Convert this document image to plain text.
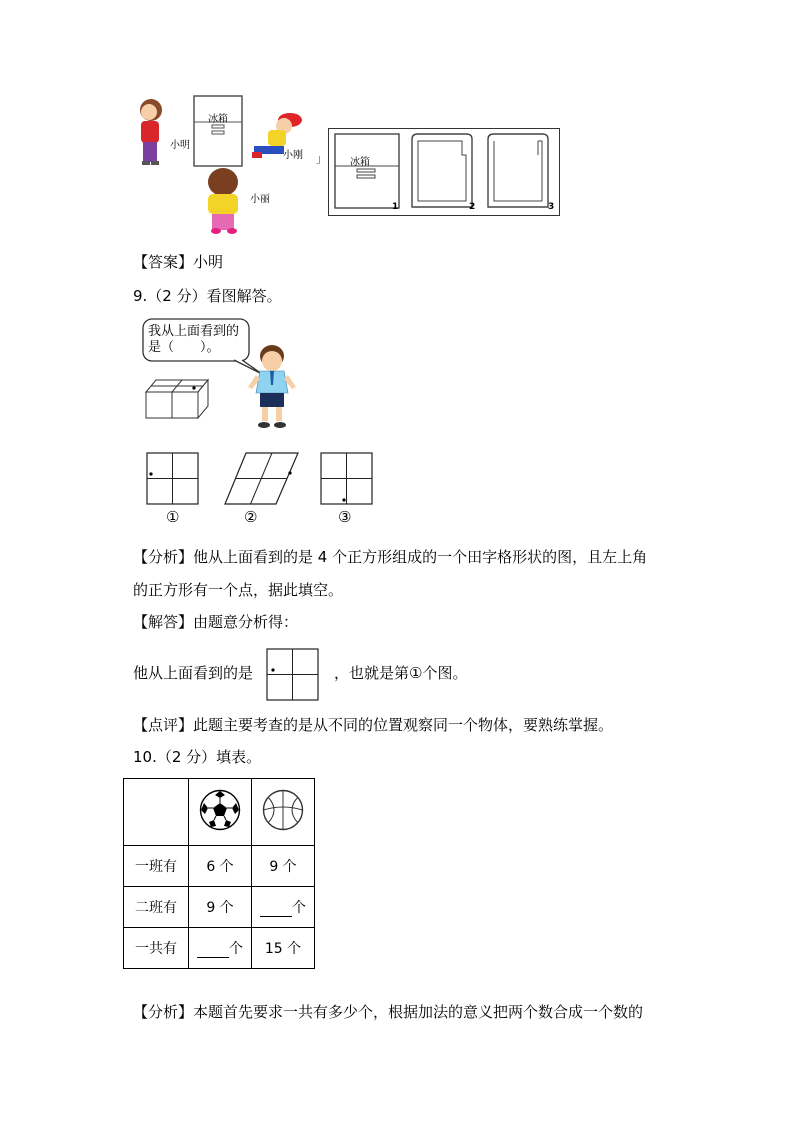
小明
冰箱
小刚
小丽
」 冰箱
1	2	3
【答案】小明
9.（2 分）看图解答。
我从上面看到的
是（　　）。
①	②	③
【分析】他从上面看到的是 4 个正方形组成的一个田字格形状的图，且左上角
的正方形有一个点，据此填空。
【解答】由题意分析得：
他从上面看到的是	，也就是第①个图。
【点评】此题主要考查的是从不同的位置观察同一个物体，要熟练掌握。
10.（2 分）填表。

一班有	6 个	9 个
二班有	9 个	个
一共有	个	15 个
【分析】本题首先要求一共有多少个，根据加法的意义把两个数合成一个数的
